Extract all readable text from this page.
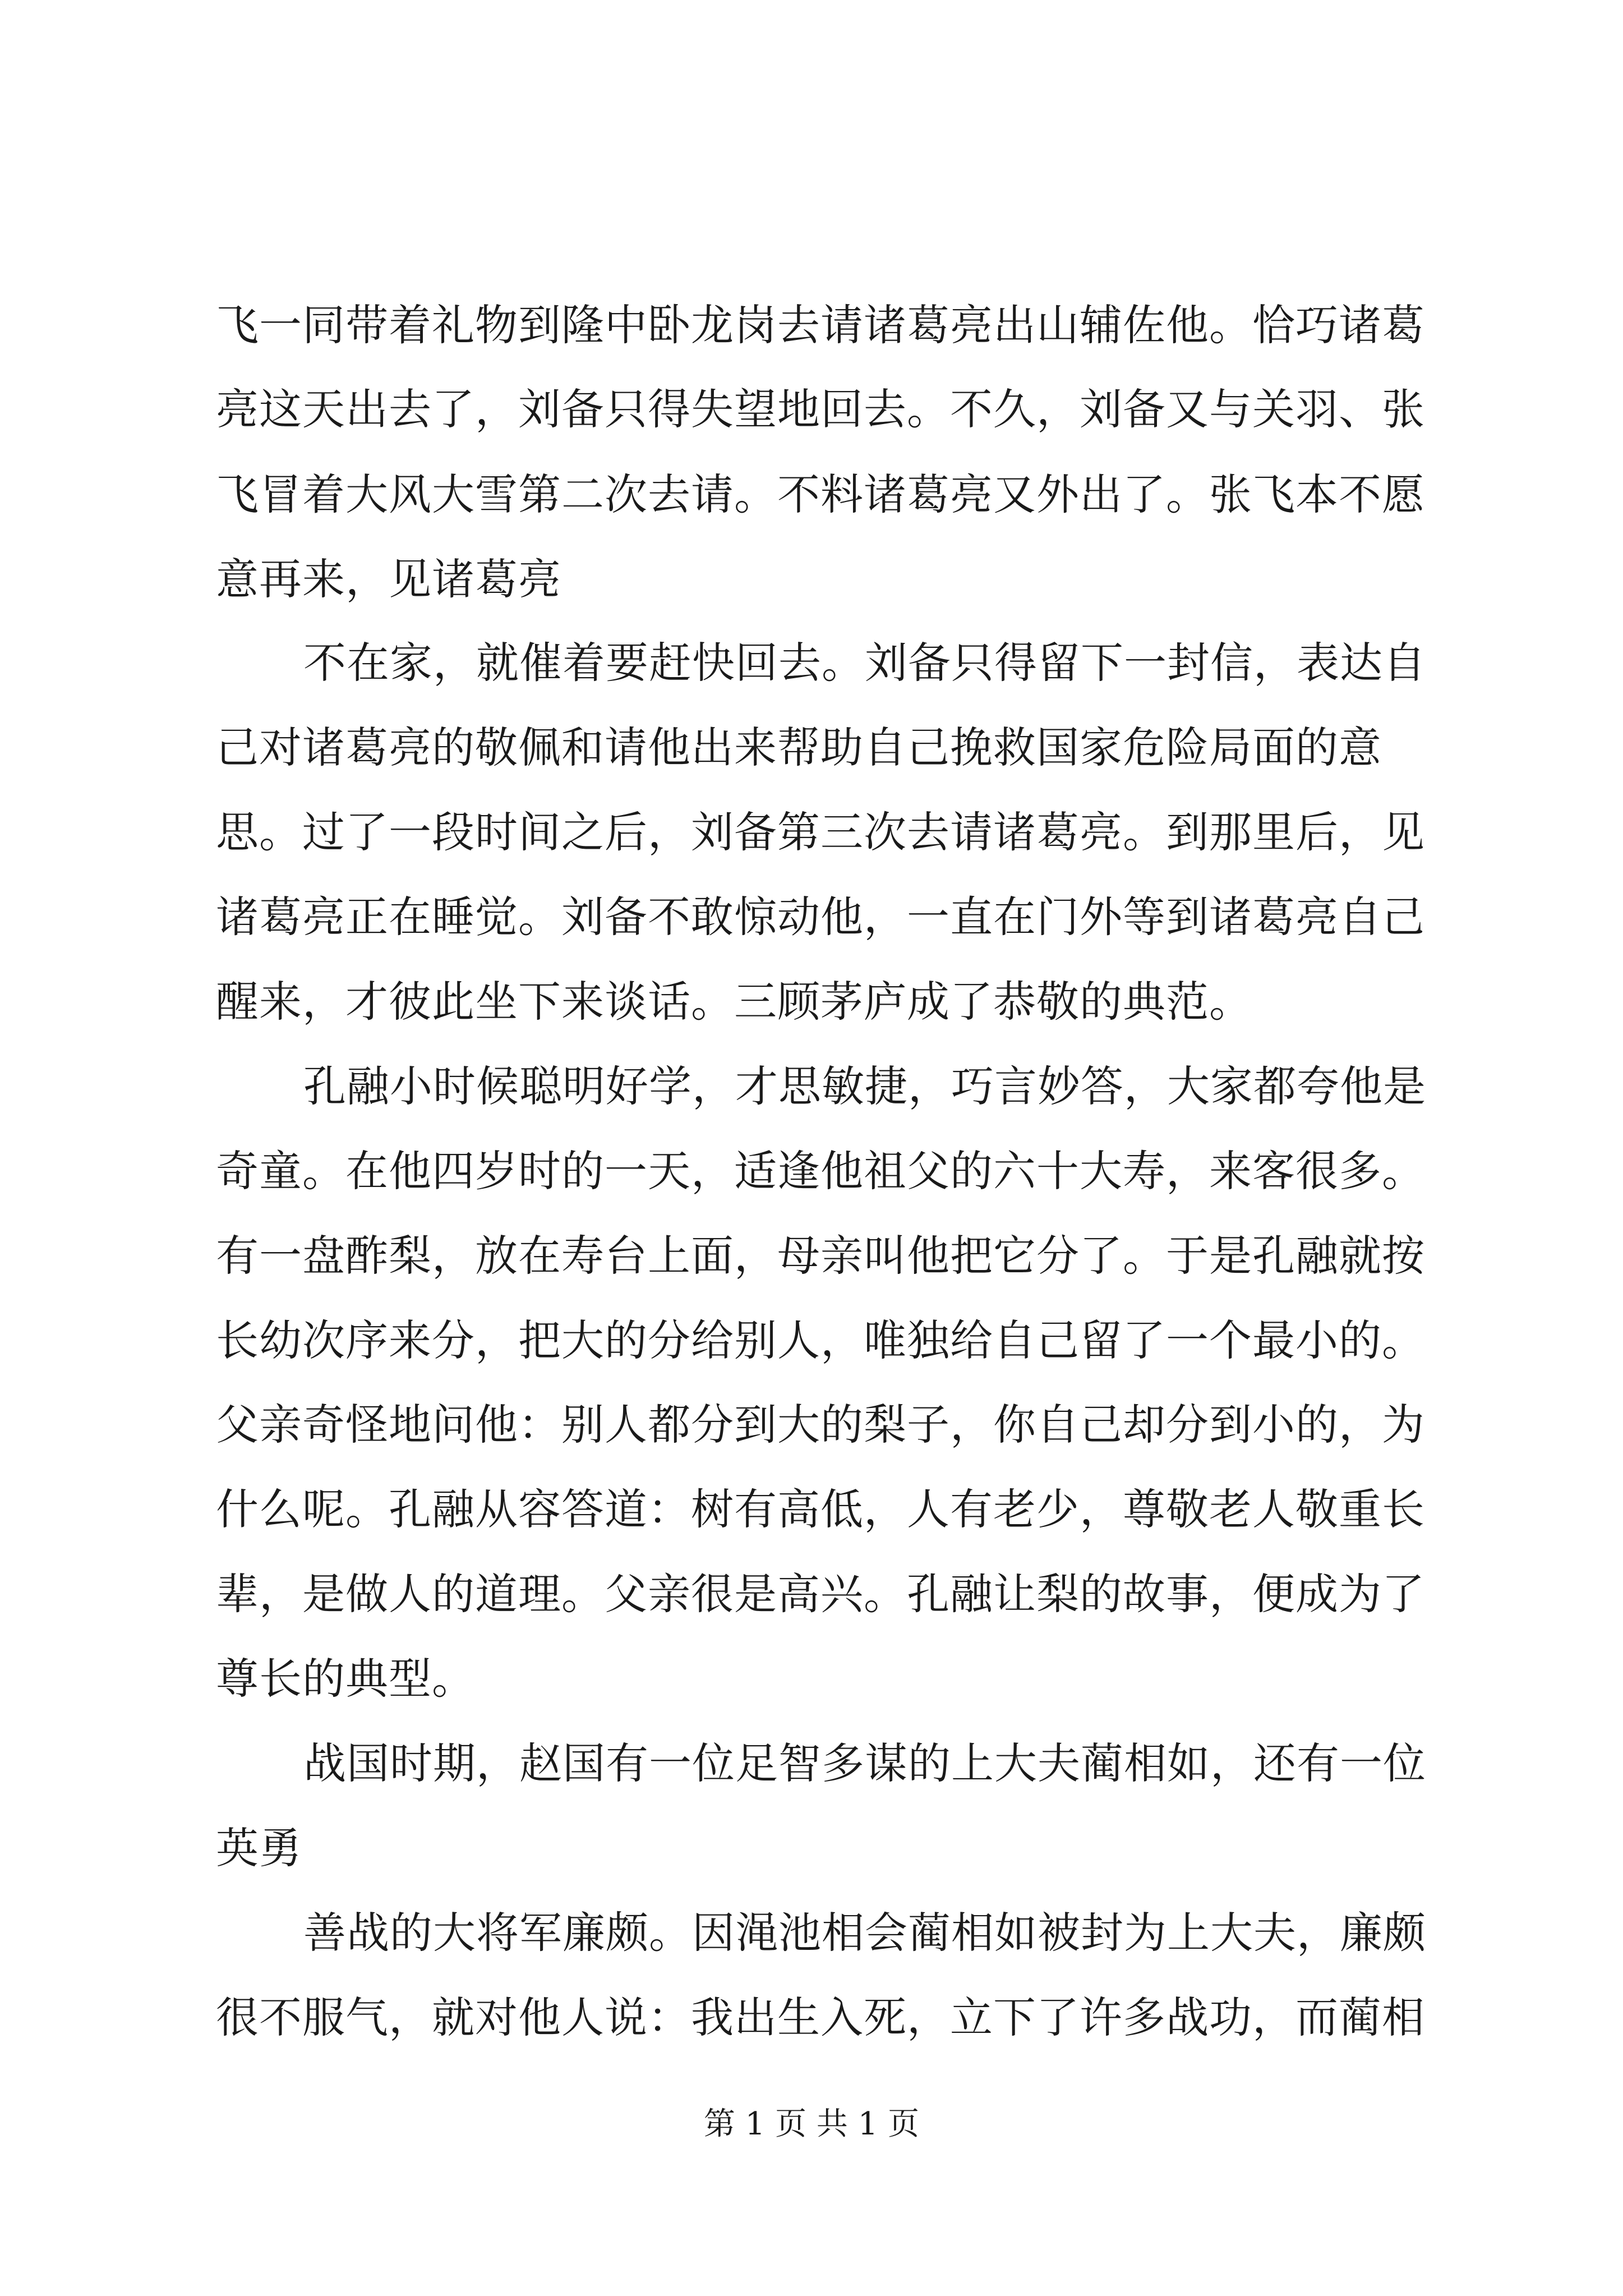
飞一同带着礼物到隆中卧龙岗去请诸葛亮出山辅佐他。恰巧诸葛
亮这天出去了，刘备只得失望地回去。不久，刘备又与关羽、张
飞冒着大风大雪第二次去请。不料诸葛亮又外出了。张飞本不愿
意再来，见诸葛亮
不在家，就催着要赶快回去。刘备只得留下一封信，表达自
己对诸葛亮的敬佩和请他出来帮助自己挽救国家危险局面的意
思。过了一段时间之后，刘备第三次去请诸葛亮。到那里后，见
诸葛亮正在睡觉。刘备不敢惊动他，一直在门外等到诸葛亮自己
醒来，才彼此坐下来谈话。三顾茅庐成了恭敬的典范。
孔融小时候聪明好学，才思敏捷，巧言妙答，大家都夸他是
奇童。在他四岁时的一天，适逢他祖父的六十大寿，来客很多。
有一盘酢梨，放在寿台上面，母亲叫他把它分了。于是孔融就按
长幼次序来分，把大的分给别人，唯独给自己留了一个最小的。
父亲奇怪地问他：别人都分到大的梨子，你自己却分到小的，为
什么呢。孔融从容答道：树有高低，人有老少，尊敬老人敬重长
辈，是做人的道理。父亲很是高兴。孔融让梨的故事，便成为了
尊长的典型。
战国时期，赵国有一位足智多谋的上大夫蔺相如，还有一位
英勇
善战的大将军廉颇。因渑池相会蔺相如被封为上大夫，廉颇
很不服气，就对他人说：我出生入死，立下了许多战功，而蔺相
第 1 页 共 1 页
